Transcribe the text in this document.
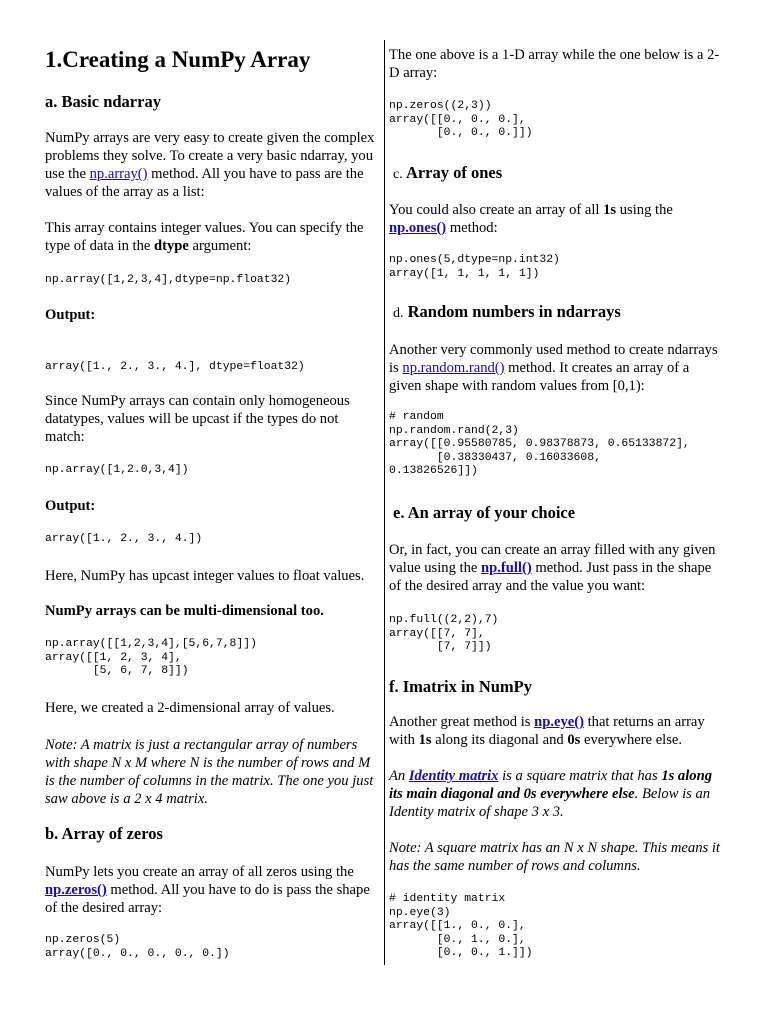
1.Creating a NumPy Array
a. Basic ndarray

NumPy arrays are very easy to create given the complex problems they solve. To create a very basic ndarray, you use the np.array() method. All you have to pass are the values of the array as a list:

This array contains integer values. You can specify the type of data in the dtype argument:

np.array([1,2,3,4],dtype=np.float32)

Output:

array([1., 2., 3., 4.], dtype=float32)

Since NumPy arrays can contain only homogeneous datatypes, values will be upcast if the types do not match:

np.array([1,2.0,3,4])

Output:

array([1., 2., 3., 4.])

Here, NumPy has upcast integer values to float values.

NumPy arrays can be multi-dimensional too.

np.array([[1,2,3,4],[5,6,7,8]])
array([[1, 2, 3, 4],
[5, 6, 7, 8]])

Here, we created a 2-dimensional array of values.

Note: A matrix is just a rectangular array of numbers with shape N x M where N is the number of rows and M is the number of columns in the matrix. The one you just saw above is a 2 x 4 matrix.

b. Array of zeros

NumPy lets you create an array of all zeros using the np.zeros() method. All you have to do is pass the shape of the desired array:

np.zeros(5)
array([0., 0., 0., 0., 0.])

The one above is a 1-D array while the one below is a 2-D array:

np.zeros((2,3))
array([[0., 0., 0.],
[0., 0., 0.]])
c. Array of ones

You could also create an array of all 1s using the np.ones() method:

np.ones(5,dtype=np.int32)
array([1, 1, 1, 1, 1])
d. Random numbers in ndarrays

Another very commonly used method to create ndarrays is np.random.rand() method. It creates an array of a given shape with random values from [0,1):

# random
np.random.rand(2,3)
array([[0.95580785, 0.98378873, 0.65133872],
[0.38330437, 0.16033608,
0.13826526]])
e. An array of your choice

Or, in fact, you can create an array filled with any given value using the np.full() method. Just pass in the shape of the desired array and the value you want:

np.full((2,2),7)
array([[7, 7],
[7, 7]])
f. Imatrix in NumPy

Another great method is np.eye() that returns an array with 1s along its diagonal and 0s everywhere else.

An Identity matrix is a square matrix that has 1s along its main diagonal and 0s everywhere else. Below is an Identity matrix of shape 3 x 3.

Note: A square matrix has an N x N shape. This means it has the same number of rows and columns.

# identity matrix
np.eye(3)
array([[1., 0., 0.],
[0., 1., 0.],
[0., 0., 1.]])
